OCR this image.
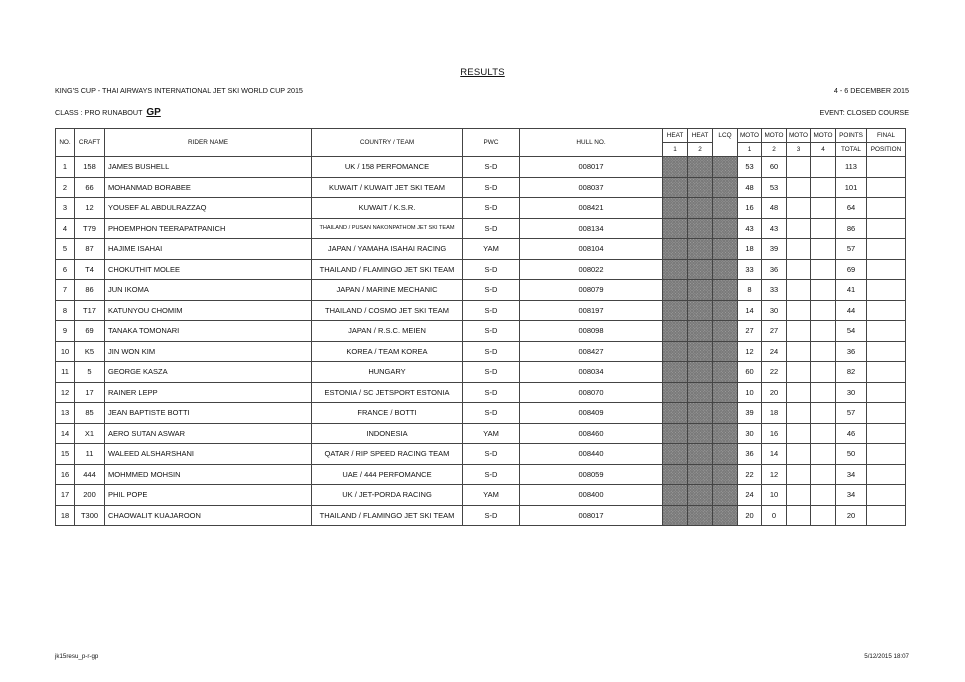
RESULTS
KING'S CUP - THAI AIRWAYS INTERNATIONAL JET SKI WORLD CUP 2015	4 - 6 DECEMBER 2015
CLASS : PRO RUNABOUT GP	EVENT: CLOSED COURSE
NO.	CRAFT	RIDER NAME	COUNTRY / TEAM	PWC	HULL NO.	HEAT	HEAT	LCQ	MOTO	MOTO	MOTO	MOTO	POINTS	FINAL
						1	2		1	2	3	4	TOTAL	POSITION
1	158	JAMES BUSHELL	UK / 158 PERFOMANCE	S-D	008017				53	60			113	
2	66	MOHANMAD BORABEE	KUWAIT / KUWAIT JET SKI TEAM	S-D	008037				48	53			101	
3	12	YOUSEF AL ABDULRAZZAQ	KUWAIT / K.S.R.	S-D	008421				16	48			64	
4	T79	PHOEMPHON TEERAPATPANICH	THAILAND / PUSAN NAKONPATHOM JET SKI TEAM	S-D	008134				43	43			86	
5	87	HAJIME ISAHAI	JAPAN / YAMAHA ISAHAI RACING	YAM	008104				18	39			57	
6	T4	CHOKUTHIT MOLEE	THAILAND / FLAMINGO JET SKI TEAM	S-D	008022				33	36			69	
7	86	JUN IKOMA	JAPAN / MARINE MECHANIC	S-D	008079				8	33			41	
8	T17	KATUNYOU CHOMIM	THAILAND / COSMO JET SKI TEAM	S-D	008197				14	30			44	
9	69	TANAKA TOMONARI	JAPAN / R.S.C. MEIEN	S-D	008098				27	27			54	
10	K5	JIN WON KIM	KOREA / TEAM KOREA	S-D	008427				12	24			36	
11	5	GEORGE KASZA	HUNGARY	S-D	008034				60	22			82	
12	17	RAINER LEPP	ESTONIA / SC JETSPORT ESTONIA	S-D	008070				10	20			30	
13	85	JEAN BAPTISTE BOTTI	FRANCE / BOTTI	S-D	008409				39	18			57	
14	X1	AERO SUTAN ASWAR	INDONESIA	YAM	008460				30	16			46	
15	11	WALEED ALSHARSHANI	QATAR / RIP SPEED RACING TEAM	S-D	008440				36	14			50	
16	444	MOHMMED MOHSIN	UAE / 444 PERFOMANCE	S-D	008059				22	12			34	
17	200	PHIL POPE	UK / JET-PORDA RACING	YAM	008400				24	10			34	
18	T300	CHAOWALIT KUAJAROON	THAILAND / FLAMINGO JET SKI TEAM	S-D	008017				20	0			20	
jk15resu_p-r-gp	5/12/2015 18:07
